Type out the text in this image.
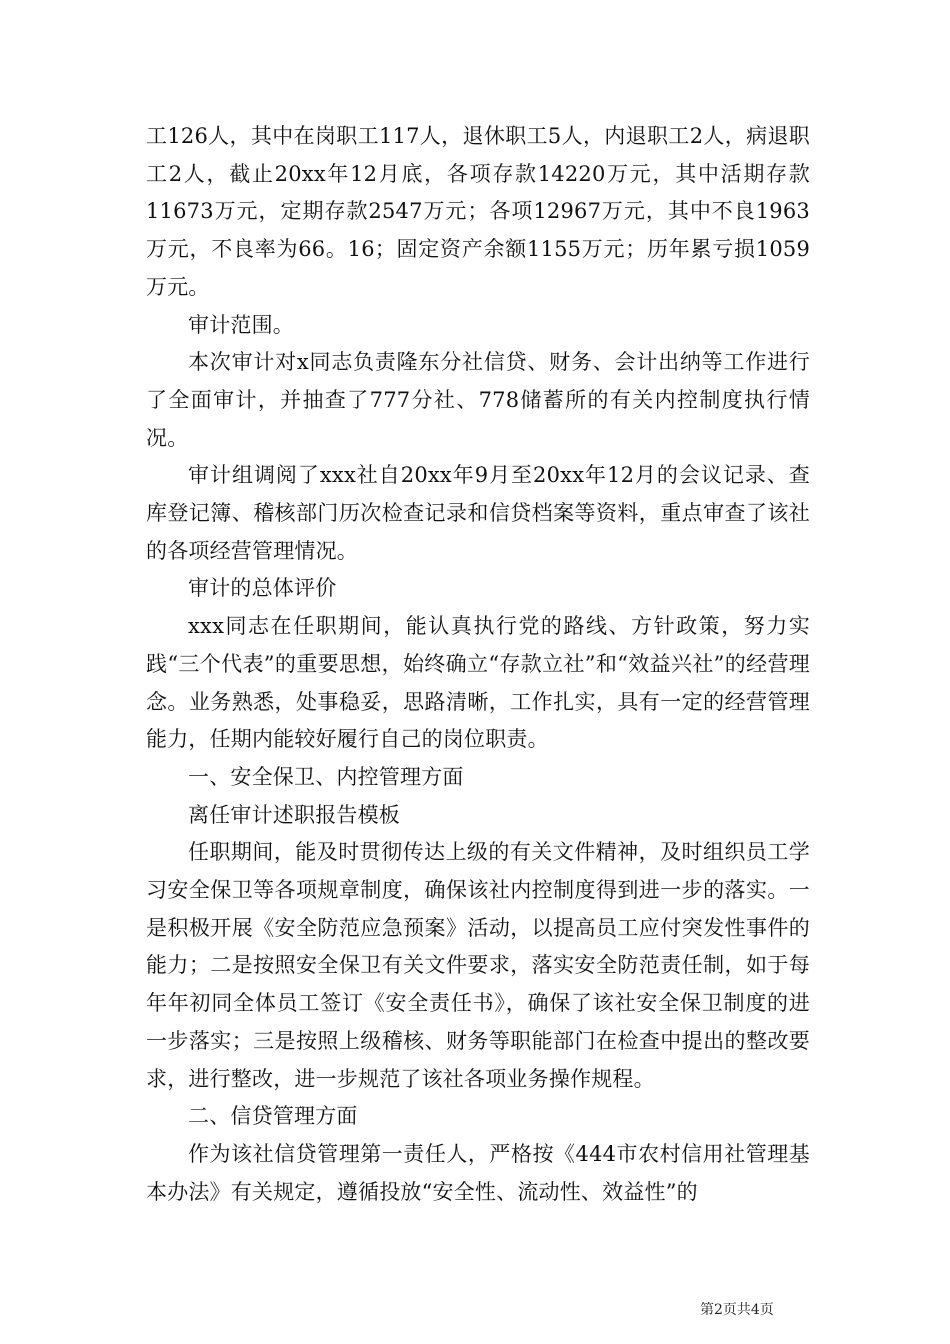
工126人，其中在岗职工117人，退休职工5人，内退职工2人，病退职工2人，截止20xx年12月底，各项存款14220万元，其中活期存款11673万元，定期存款2547万元；各项12967万元，其中不良1963万元，不良率为66。16；固定资产余额1155万元；历年累亏损1059万元。

审计范围。

本次审计对x同志负责隆东分社信贷、财务、会计出纳等工作进行了全面审计，并抽查了777分社、778储蓄所的有关内控制度执行情况。

审计组调阅了xxx社自20xx年9月至20xx年12月的会议记录、查库登记簿、稽核部门历次检查记录和信贷档案等资料，重点审查了该社的各项经营管理情况。

审计的总体评价

xxx同志在任职期间，能认真执行党的路线、方针政策，努力实践“三个代表”的重要思想，始终确立“存款立社”和“效益兴社”的经营理念。业务熟悉，处事稳妥，思路清晰，工作扎实，具有一定的经营管理能力，任期内能较好履行自己的岗位职责。

一、安全保卫、内控管理方面

离任审计述职报告模板

任职期间，能及时贯彻传达上级的有关文件精神，及时组织员工学习安全保卫等各项规章制度，确保该社内控制度得到进一步的落实。一是积极开展《安全防范应急预案》活动，以提高员工应付突发性事件的能力；二是按照安全保卫有关文件要求，落实安全防范责任制，如于每年年初同全体员工签订《安全责任书》，确保了该社安全保卫制度的进一步落实；三是按照上级稽核、财务等职能部门在检查中提出的整改要求，进行整改，进一步规范了该社各项业务操作规程。

二、信贷管理方面

作为该社信贷管理第一责任人，严格按《444市农村信用社管理基本办法》有关规定，遵循投放“安全性、流动性、效益性”的

第2页共4页
